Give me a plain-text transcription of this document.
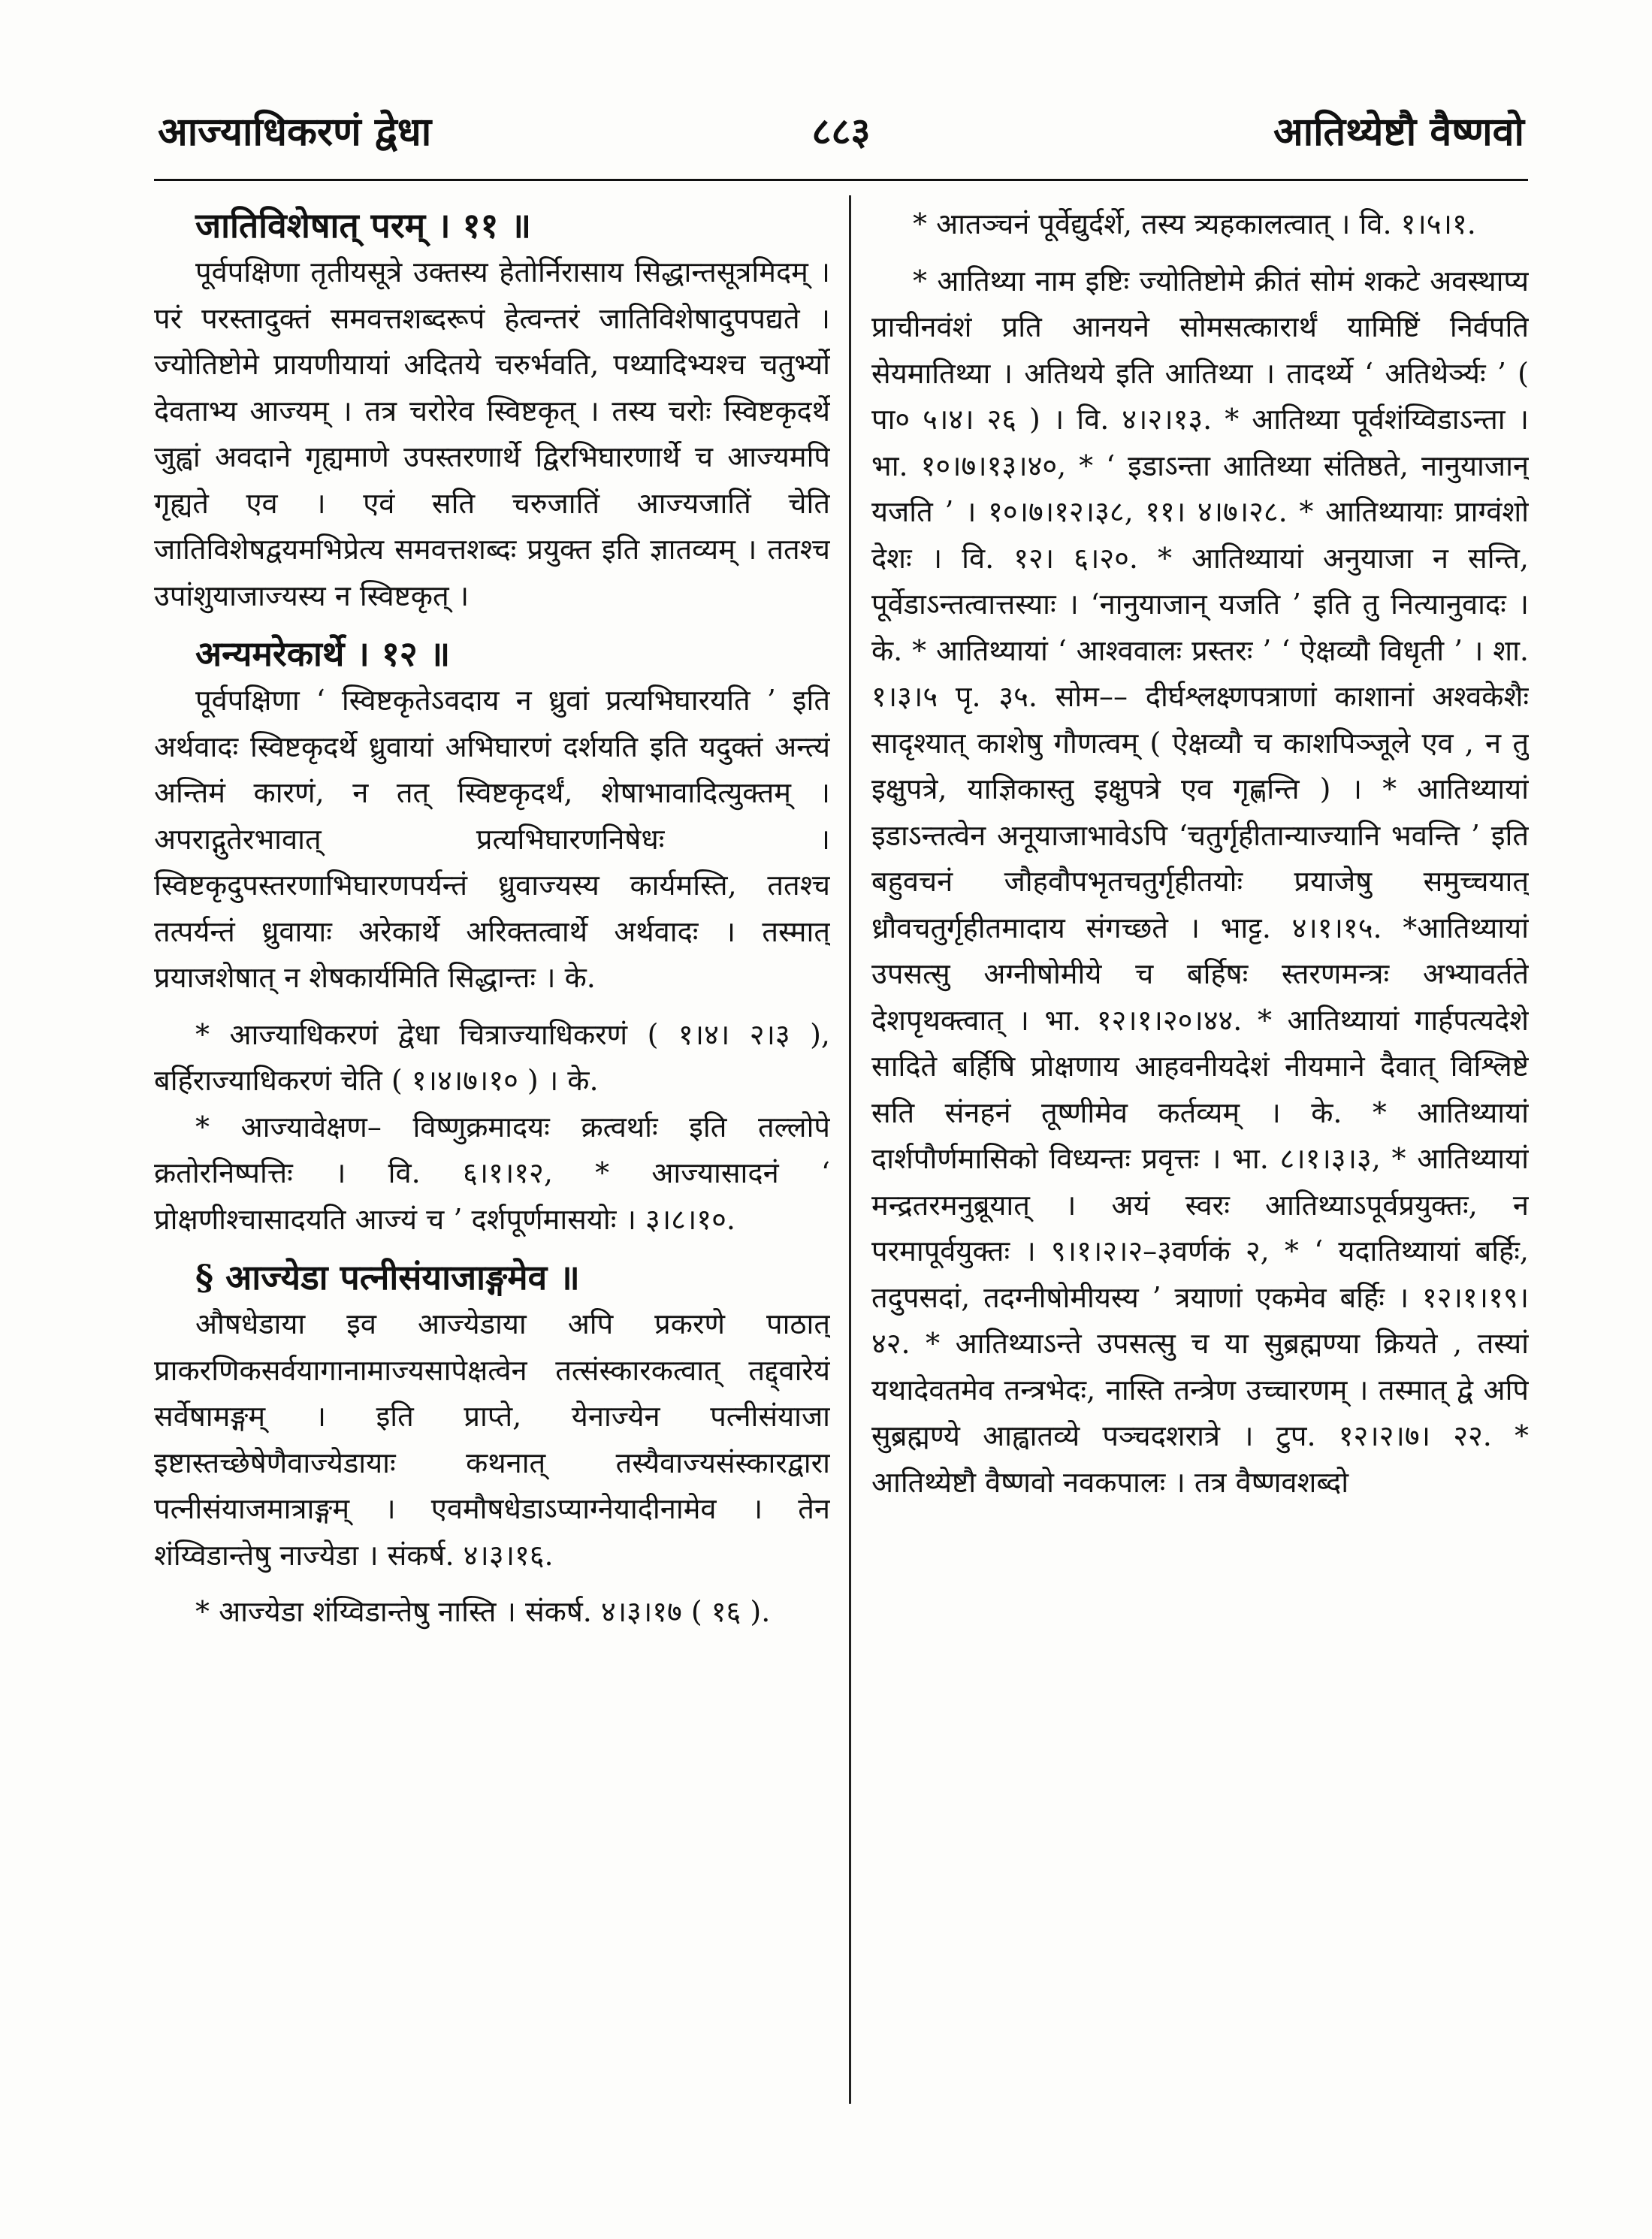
आज्याधिकरणं द्वेधा	८८३	आतिथ्येष्टौ वैष्णवो
जातिविशेषात् परम् । ११ ॥

पूर्वपक्षिणा तृतीयसूत्रे उक्तस्य हेतोर्निरासाय सिद्धान्तसूत्रमिदम् । परं परस्तादुक्तं समवत्तशब्दरूपं हेत्वन्तरं जातिविशेषादुपपद्यते । ज्योतिष्टोमे प्रायणीयायां अदितये चरुर्भवति, पथ्यादिभ्यश्च चतुर्भ्यो देवताभ्य आज्यम् । तत्र चरोरेव स्विष्टकृत् । तस्य चरोः स्विष्टकृदर्थे जुह्वां अवदाने गृह्यमाणे उपस्तरणार्थे द्विरभिघारणार्थे च आज्यमपि गृह्यते एव । एवं सति चरुजातिं आज्यजातिं चेति जातिविशेषद्वयमभिप्रेत्य समवत्तशब्दः प्रयुक्त इति ज्ञातव्यम् । ततश्च उपांशुयाजाज्यस्य न स्विष्टकृत् ।

अन्यमरेकार्थे । १२ ॥

पूर्वपक्षिणा ‘ स्विष्टकृतेऽवदाय न ध्रुवां प्रत्यभिघारयति ’ इति अर्थवादः स्विष्टकृदर्थे ध्रुवायां अभिघारणं दर्शयति इति यदुक्तं अन्त्यं अन्तिमं कारणं, न तत् स्विष्टकृदर्थं, शेषाभावादित्युक्तम् । अपराद्गुतेरभावात् प्रत्यभिघारणनिषेधः । स्विष्टकृदुपस्तरणाभिघारणपर्यन्तं ध्रुवाज्यस्य कार्यमस्ति, ततश्च तत्पर्यन्तं ध्रुवायाः अरेकार्थे अरिक्तत्वार्थे अर्थवादः । तस्मात् प्रयाजशेषात् न शेषकार्यमिति सिद्धान्तः । के.

* आज्याधिकरणं द्वेधा चित्राज्याधिकरणं ( १।४। २।३ ), बर्हिराज्याधिकरणं चेति ( १।४।७।१० ) । के.

* आज्यावेक्षण– विष्णुक्रमादयः क्रत्वर्थाः इति तल्लोपे क्रतोरनिष्पत्तिः । वि. ६।१।१२, * आज्यासादनं ‘ प्रोक्षणीश्चासादयति आज्यं च ’ दर्शपूर्णमासयोः । ३।८।१०.

§ आज्येडा पत्नीसंयाजाङ्गमेव ॥

औषधेडाया इव आज्येडाया अपि प्रकरणे पाठात् प्राकरणिकसर्वयागानामाज्यसापेक्षत्वेन तत्संस्कारकत्वात् तद्द्वारेयं सर्वेषामङ्गम् । इति प्राप्ते, येनाज्येन पत्नीसंयाजा इष्टास्तच्छेषेणैवाज्येडायाः कथनात् तस्यैवाज्यसंस्कारद्वारा पत्नीसंयाजमात्राङ्गम् । एवमौषधेडाऽप्याग्नेयादीनामेव । तेन शंय्विडान्तेषु नाज्येडा । संकर्ष. ४।३।१६.

* आज्येडा शंय्विडान्तेषु नास्ति । संकर्ष. ४।३।१७ ( १६ ).

* आतञ्चनं पूर्वेद्युर्दर्शे, तस्य त्र्यहकालत्वात् । वि. १।५।१.

* आतिथ्या नाम इष्टिः ज्योतिष्टोमे क्रीतं सोमं शकटे अवस्थाप्य प्राचीनवंशं प्रति आनयने सोमसत्कारार्थं यामिष्टिं निर्वपति सेयमातिथ्या । अतिथये इति आतिथ्या । तादर्थ्ये ‘ अतिथेर्ञ्यः ’ ( पा० ५।४। २६ ) । वि. ४।२।१३. * आतिथ्या पूर्वशंय्विडाऽन्ता । भा. १०।७।१३।४०, * ‘ इडाऽन्ता आतिथ्या संतिष्ठते, नानुयाजान् यजति ’ । १०।७।१२।३८, ११। ४।७।२८. * आतिथ्यायाः प्राग्वंशो देशः । वि. १२। ६।२०. * आतिथ्यायां अनुयाजा न सन्ति, पूर्वेडाऽन्तत्वात्तस्याः । ‘नानुयाजान् यजति ’ इति तु नित्यानुवादः । के. * आतिथ्यायां ‘ आश्ववालः प्रस्तरः ’ ‘ ऐक्षव्यौ विधृती ’ । शा. १।३।५ पृ. ३५. सोम–– दीर्घश्लक्ष्णपत्राणां काशानां अश्वकेशैः सादृश्यात् काशेषु गौणत्वम् ( ऐक्षव्यौ च काशपिञ्जूले एव , न तु इक्षुपत्रे, याज्ञिकास्तु इक्षुपत्रे एव गृह्णन्ति ) । * आतिथ्यायां इडाऽन्तत्वेन अनूयाजाभावेऽपि ‘चतुर्गृहीतान्याज्यानि भवन्ति ’ इति बहुवचनं जौहवौपभृतचतुर्गृहीतयोः प्रयाजेषु समुच्चयात् ध्रौवचतुर्गृहीतमादाय संगच्छते । भाट्ट. ४।१।१५. *आतिथ्यायां उपसत्सु अग्नीषोमीये च बर्हिषः स्तरणमन्त्रः अभ्यावर्तते देशपृथक्त्वात् । भा. १२।१।२०।४४. * आतिथ्यायां गार्हपत्यदेशे सादिते बर्हिषि प्रोक्षणाय आहवनीयदेशं नीयमाने दैवात् विश्लिष्टे सति संनहनं तूष्णीमेव कर्तव्यम् । के. * आतिथ्यायां दार्शपौर्णमासिको विध्यन्तः प्रवृत्तः । भा. ८।१।३।३, * आतिथ्यायां मन्द्रतरमनुब्रूयात् । अयं स्वरः आतिथ्याऽपूर्वप्रयुक्तः, न परमापूर्वयुक्तः । ९।१।२।२–३वर्णकं २, * ‘ यदातिथ्यायां बर्हिः, तदुपसदां, तदग्नीषोमीयस्य ’ त्रयाणां एकमेव बर्हिः । १२।१।१९।४२. * आतिथ्याऽन्ते उपसत्सु च या सुब्रह्मण्या क्रियते , तस्यां यथादेवतमेव तन्त्रभेदः, नास्ति तन्त्रेण उच्चारणम् । तस्मात् द्वे अपि सुब्रह्मण्ये आह्वातव्ये पञ्चदशरात्रे । टुप. १२।२।७। २२. * आतिथ्येष्टौ वैष्णवो नवकपालः । तत्र वैष्णवशब्दो
